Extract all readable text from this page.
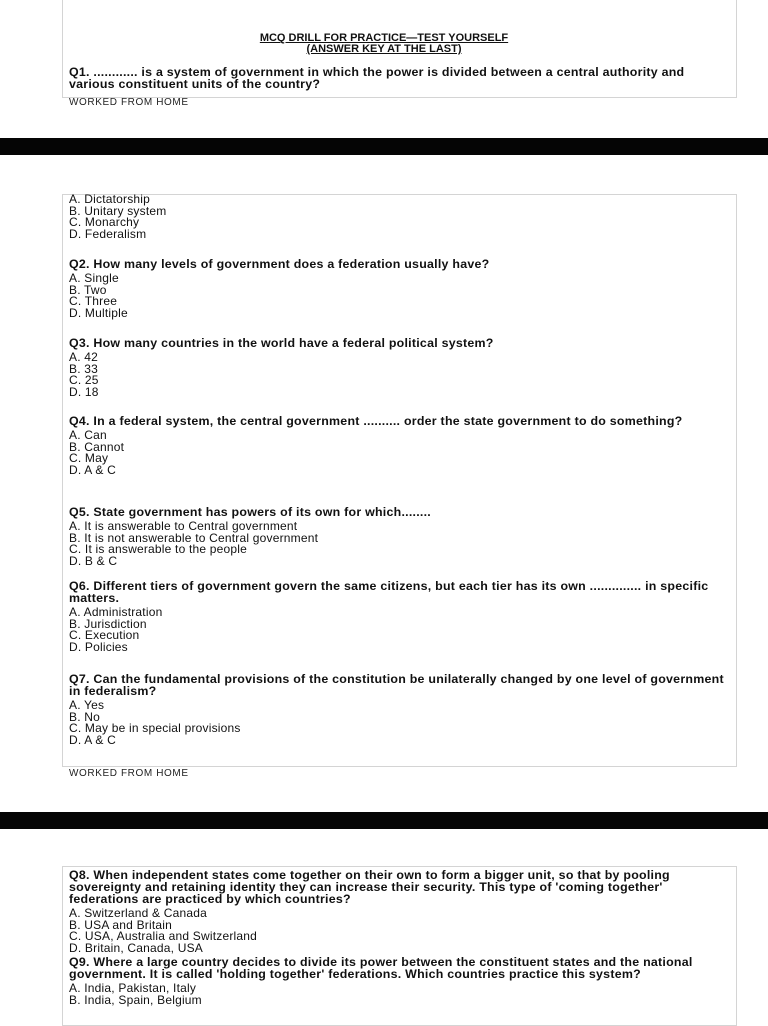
MCQ DRILL FOR PRACTICE—TEST YOURSELF
(ANSWER KEY AT THE LAST)

Q1. ............ is a system of government in which the power is divided between a central authority and various constituent units of the country?

WORKED FROM HOME
A. Dictatorship
B. Unitary system
C. Monarchy
D. Federalism

Q2. How many levels of government does a federation usually have?

A. Single
B. Two
C. Three
D. Multiple

Q3. How many countries in the world have a federal political system?

A. 42
B. 33
C. 25
D. 18

Q4. In a federal system, the central government .......... order the state government to do something?

A. Can
B. Cannot
C. May
D. A & C

Q5. State government has powers of its own for which........

A. It is answerable to Central government
B. It is not answerable to Central government
C. It is answerable to the people
D. B & C

Q6. Different tiers of government govern the same citizens, but each tier has its own .............. in specific matters.

A. Administration
B. Jurisdiction
C. Execution
D. Policies

Q7. Can the fundamental provisions of the constitution be unilaterally changed by one level of government in federalism?

A. Yes
B. No
C. May be in special provisions
D. A & C
WORKED FROM HOME

Q8. When independent states come together on their own to form a bigger unit, so that by pooling sovereignty and retaining identity they can increase their security. This type of 'coming together' federations are practiced by which countries?

A. Switzerland & Canada
B. USA and Britain
C. USA, Australia and Switzerland
D. Britain, Canada, USA

Q9. Where a large country decides to divide its power between the constituent states and the national government. It is called 'holding together' federations. Which countries practice this system?

A. India, Pakistan, Italy
B. India, Spain, Belgium
